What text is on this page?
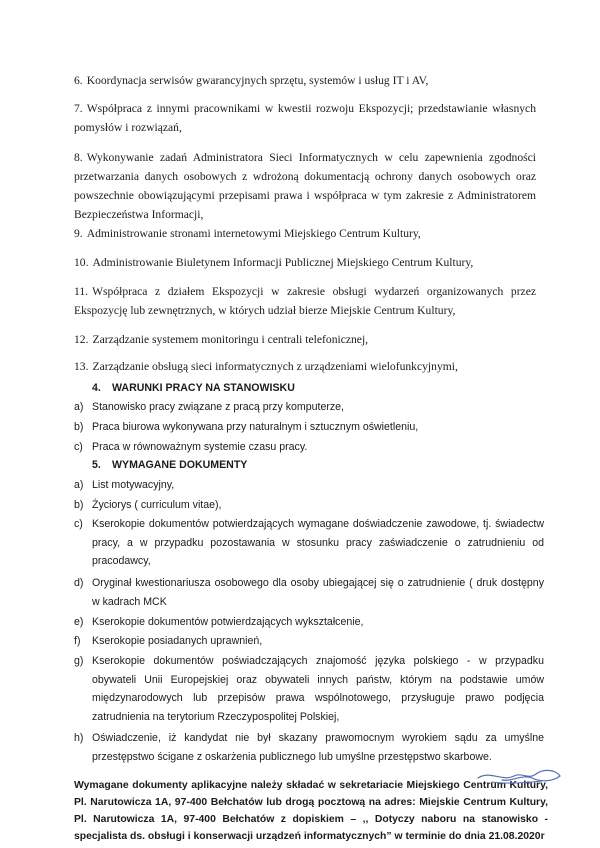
6. Koordynacja serwisów gwarancyjnych sprzętu, systemów i usług IT i AV,

7. Współpraca z innymi pracownikami w kwestii rozwoju Ekspozycji; przedstawianie własnych pomysłów i rozwiązań,

8. Wykonywanie zadań Administratora Sieci Informatycznych w celu zapewnienia zgodności przetwarzania danych osobowych z wdrożoną dokumentacją ochrony danych osobowych oraz powszechnie obowiązującymi przepisami prawa i współpraca w tym zakresie z Administratorem Bezpieczeństwa Informacji,

9. Administrowanie stronami internetowymi Miejskiego Centrum Kultury,

10. Administrowanie Biuletynem Informacji Publicznej Miejskiego Centrum Kultury,

11. Współpraca z działem Ekspozycji w zakresie obsługi wydarzeń organizowanych przez Ekspozycję lub zewnętrznych, w których udział bierze Miejskie Centrum Kultury,

12. Zarządzanie systemem monitoringu i centrali telefonicznej,

13. Zarządzanie obsługą sieci informatycznych z urządzeniami wielofunkcyjnymi,

4. WARUNKI PRACY NA STANOWISKU

a) Stanowisko pracy związane z pracą przy komputerze,
b) Praca biurowa wykonywana przy naturalnym i sztucznym oświetleniu,
c) Praca w równoważnym systemie czasu pracy.

5. WYMAGANE DOKUMENTY

a) List motywacyjny,
b) Życiorys ( curriculum vitae),
c) Kserokopie dokumentów potwierdzających wymagane doświadczenie zawodowe, tj. świadectw pracy, a w przypadku pozostawania w stosunku pracy zaświadczenie o zatrudnieniu od pracodawcy,
d) Oryginał kwestionariusza osobowego dla osoby ubiegającej się o zatrudnienie ( druk dostępny w kadrach MCK
e) Kserokopie dokumentów potwierdzających wykształcenie,
f) Kserokopie posiadanych uprawnień,
g) Kserokopie dokumentów poświadczających znajomość języka polskiego - w przypadku obywateli Unii Europejskiej oraz obywateli innych państw, którym na podstawie umów międzynarodowych lub przepisów prawa wspólnotowego, przysługuje prawo podjęcia zatrudnienia na terytorium Rzeczypospolitej Polskiej,
h) Oświadczenie, iż kandydat nie był skazany prawomocnym wyrokiem sądu za umyślne przestępstwo ścigane z oskarżenia publicznego lub umyślne przestępstwo skarbowe.

Wymagane dokumenty aplikacyjne należy składać w sekretariacie Miejskiego Centrum Kultury, Pl. Narutowicza 1A, 97-400 Bełchatów lub drogą pocztową na adres: Miejskie Centrum Kultury, Pl. Narutowicza 1A, 97-400 Bełchatów z dopiskiem – ,, Dotyczy naboru na stanowisko -specjalista ds. obsługi i konserwacji urządzeń informatycznych” w terminie do dnia 21.08.2020r
